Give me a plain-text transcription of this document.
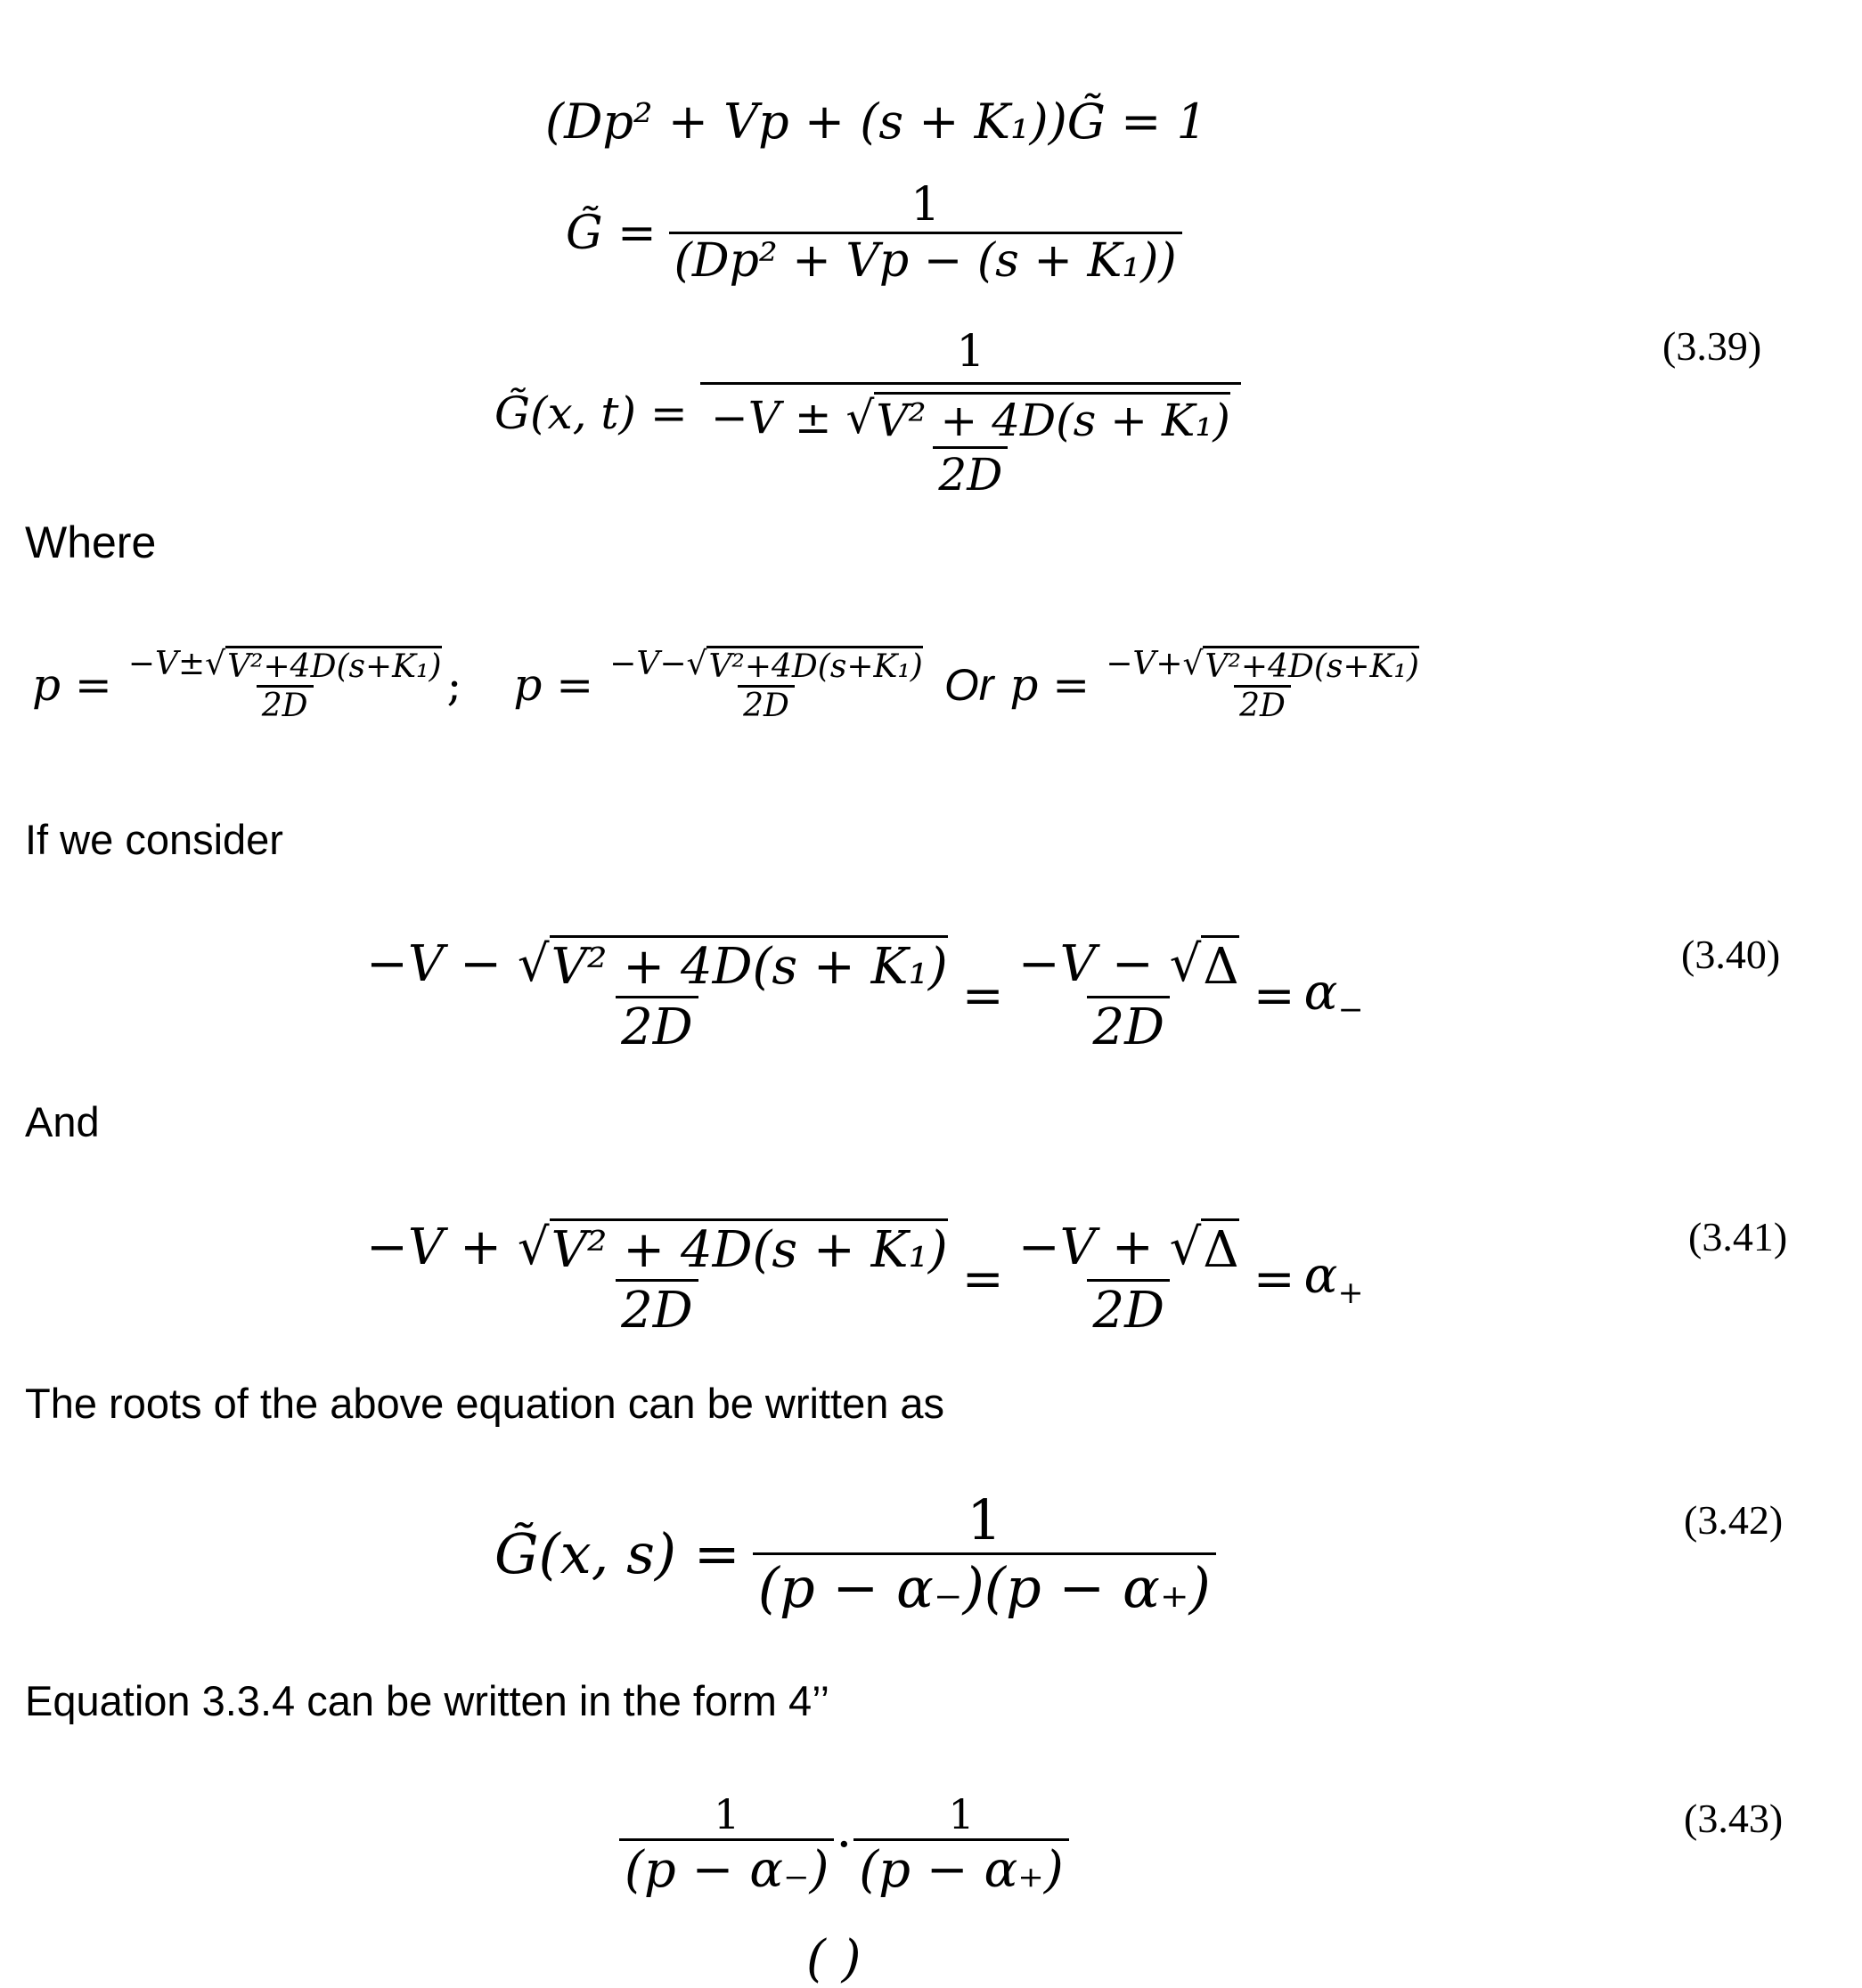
(Dp² + Vp + (s + K₁))G̃ = 1
G̃ = $\frac{1}{\text{(Dp² + Vp − (s + K₁))}}$
G̃(x, $t) = \frac{1}{\frac{\text{−V ± √ V² + 4D(s + K₁)}}{2D}}$	(3.39)
Where
$p = \frac{\text{−V± √ V²+4D(s+K₁)}}{2D}$ ; $p = \frac{\text{−V− √ V²+4D(s+K₁)}}{2D}$ Or $p = \frac{\text{−V+ √ V²+4D(s+K₁)}}{2D}$
If we consider
$\frac{\text{−V − √ V² + 4D(s + K₁)}}{2D} = \frac{-V - √ \Delta}{2D} = \alpha_-$
(3.40)
And
$\frac{\text{−V + √ V² + 4D(s + K₁)}}{2D} = \frac{-V + √ \Delta}{2D} = \alpha_+$
(3.41)
The roots of the above equation can be written as
G̃(x, $s) = \frac{1}{(p - \alpha_-)(p - \alpha_+)}$	(3.42)
Equation 3.3.4 can be written in the form 4’’
$\frac{1}{(p - \alpha_-)} \cdot \frac{1}{(p - \alpha_+)}$	(3.43)
( )
